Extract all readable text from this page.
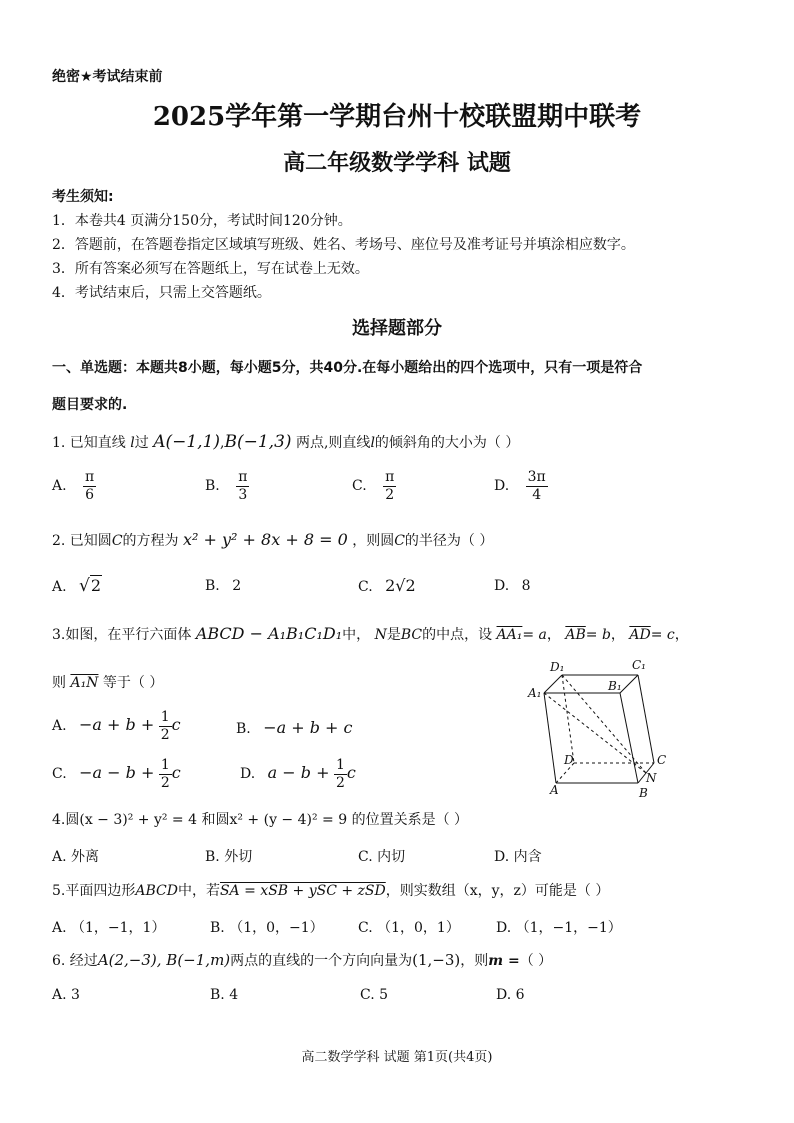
绝密★考试结束前
2025学年第一学期台州十校联盟期中联考
高二年级数学学科 试题
考生须知:
1．本卷共4 页满分150分，考试时间120分钟。
2．答题前，在答题卷指定区域填写班级、姓名、考场号、座位号及准考证号并填涂相应数字。
3．所有答案必须写在答题纸上，写在试卷上无效。
4．考试结束后，只需上交答题纸。
选择题部分
一、单选题：本题共8小题，每小题5分，共40分.在每小题给出的四个选项中，只有一项是符合
题目要求的.
1. 已知直线 l过 A(−1,1),B(−1,3) 两点,则直线l的倾斜角的大小为（ ）
A. $\frac{\pi}{6}$	B. $\frac{\pi}{3}$	C. $\frac{\pi}{2}$	D. $\frac{3\pi}{4}$
2. 已知圆C的方程为 x² + y² + 8x + 8 = 0 ，则圆C的半径为（ ）
A. √2	B. 2	C. 2√2	D. 8
3.如图，在平行六面体 ABCD − A₁B₁C₁D₁中， N是BC的中点，设 AA₁= a， $\overline{AB}= b$， $\overline{AD}= c$，
则 A₁N 等于（ ）
A. $-a + b + \frac{1}{2}$ c	B. −a + b + c
C. $-a - b + \frac{1}{2}$ c	D. $a - b + \frac{1}{2}$ c
D₁	C₁
A₁	B₁
D	C
N
A	B
4.圆(x − 3)² + y² = 4 和圆x² + (y − 4)² = 9 的位置关系是（ ）
A. 外离	B. 外切	C. 内切	D. 内含
5.平面四边形ABCD中，若SA = xSB + ySC + zSD，则实数组（x，y，z）可能是（ ）
A. （1，−1，1）	B. （1，0，−1） C. （1，0，1）	D. （1，−1，−1）
6. 经过A(2,−3), B(−1,m)两点的直线的一个方向向量为(1,−3)，则m =（ ）
A. 3	B. 4	C. 5	D. 6
高二数学学科 试题 第1页(共4页)
